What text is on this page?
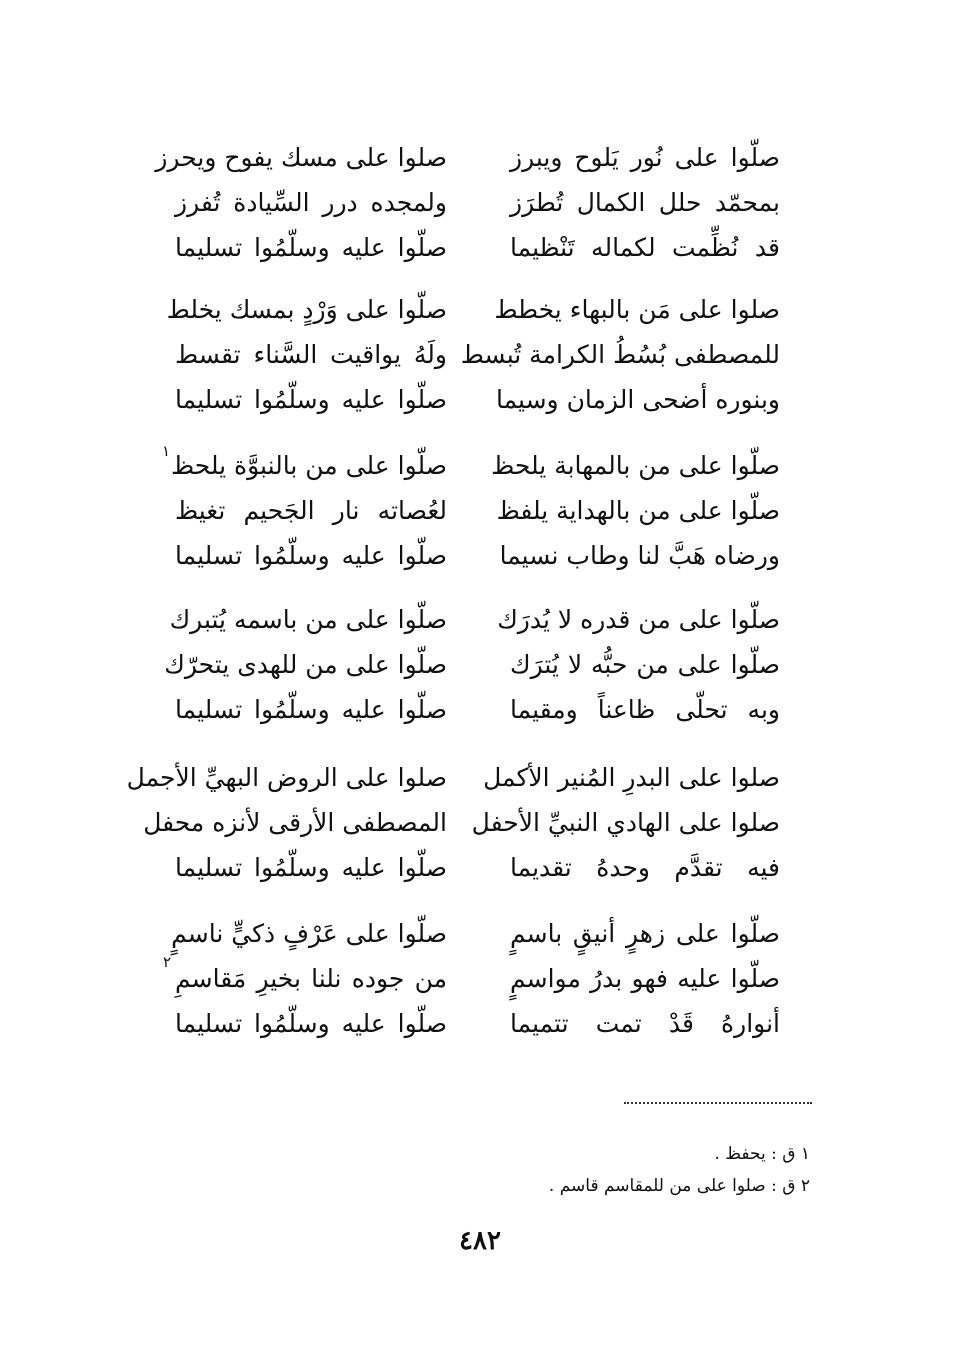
صلّوا على نُور يَلوح ويبرز
صلوا على مسك يفوح ويحرز
بمحمّد حلل الكمال تُطرَز
ولمجده درر السِّيادة تُفرز
قد نُظِّمت لكماله تَنْظيما
صلّوا عليه وسلّمُوا تسليما
صلوا على مَن بالبهاء يخطط
صلّوا على وَرْدٍ بمسك يخلط
للمصطفى بُسُطُ الكرامة تُبسط
ولَهُ يواقيت السَّناء تقسط
وبنوره أضحى الزمان وسيما
صلّوا عليه وسلّمُوا تسليما
صلّوا على من بالمهابة يلحظ
صلّوا على من بالنبوَّة يلحظ
١
صلّوا على من بالهداية يلفظ
لعُصاته نار الجَحيم تغيظ
ورضاه هَبَّ لنا وطاب نسيما
صلّوا عليه وسلّمُوا تسليما
صلّوا على من قدره لا يُدرَك
صلّوا على من باسمه يُتبرك
صلّوا على من حبُّه لا يُترَك
صلّوا على من للهدى يتحرّك
وبه تحلّى ظاعناً ومقيما
صلّوا عليه وسلّمُوا تسليما
صلوا على البدرِ المُنير الأكمل
صلوا على الروض البهيِّ الأجمل
صلوا على الهادي النبيِّ الأحفل
المصطفى الأرقى لأنزه محفل
فيه تقدَّم وحدهُ تقديما
صلّوا عليه وسلّمُوا تسليما
صلّوا على زهرٍ أنيقٍ باسمٍ
صلّوا على عَرْفٍ ذكيٍّ ناسمٍ
صلّوا عليه فهو بدرُ مواسمٍ
من جوده نلنا بخيرِ مَقاسمِ
٢
أنوارهُ قَدْ تمت تتميما
صلّوا عليه وسلّمُوا تسليما
١ ق : يحفظ .
٢ ق : صلوا على من للمقاسم قاسم .
٤٨٢
